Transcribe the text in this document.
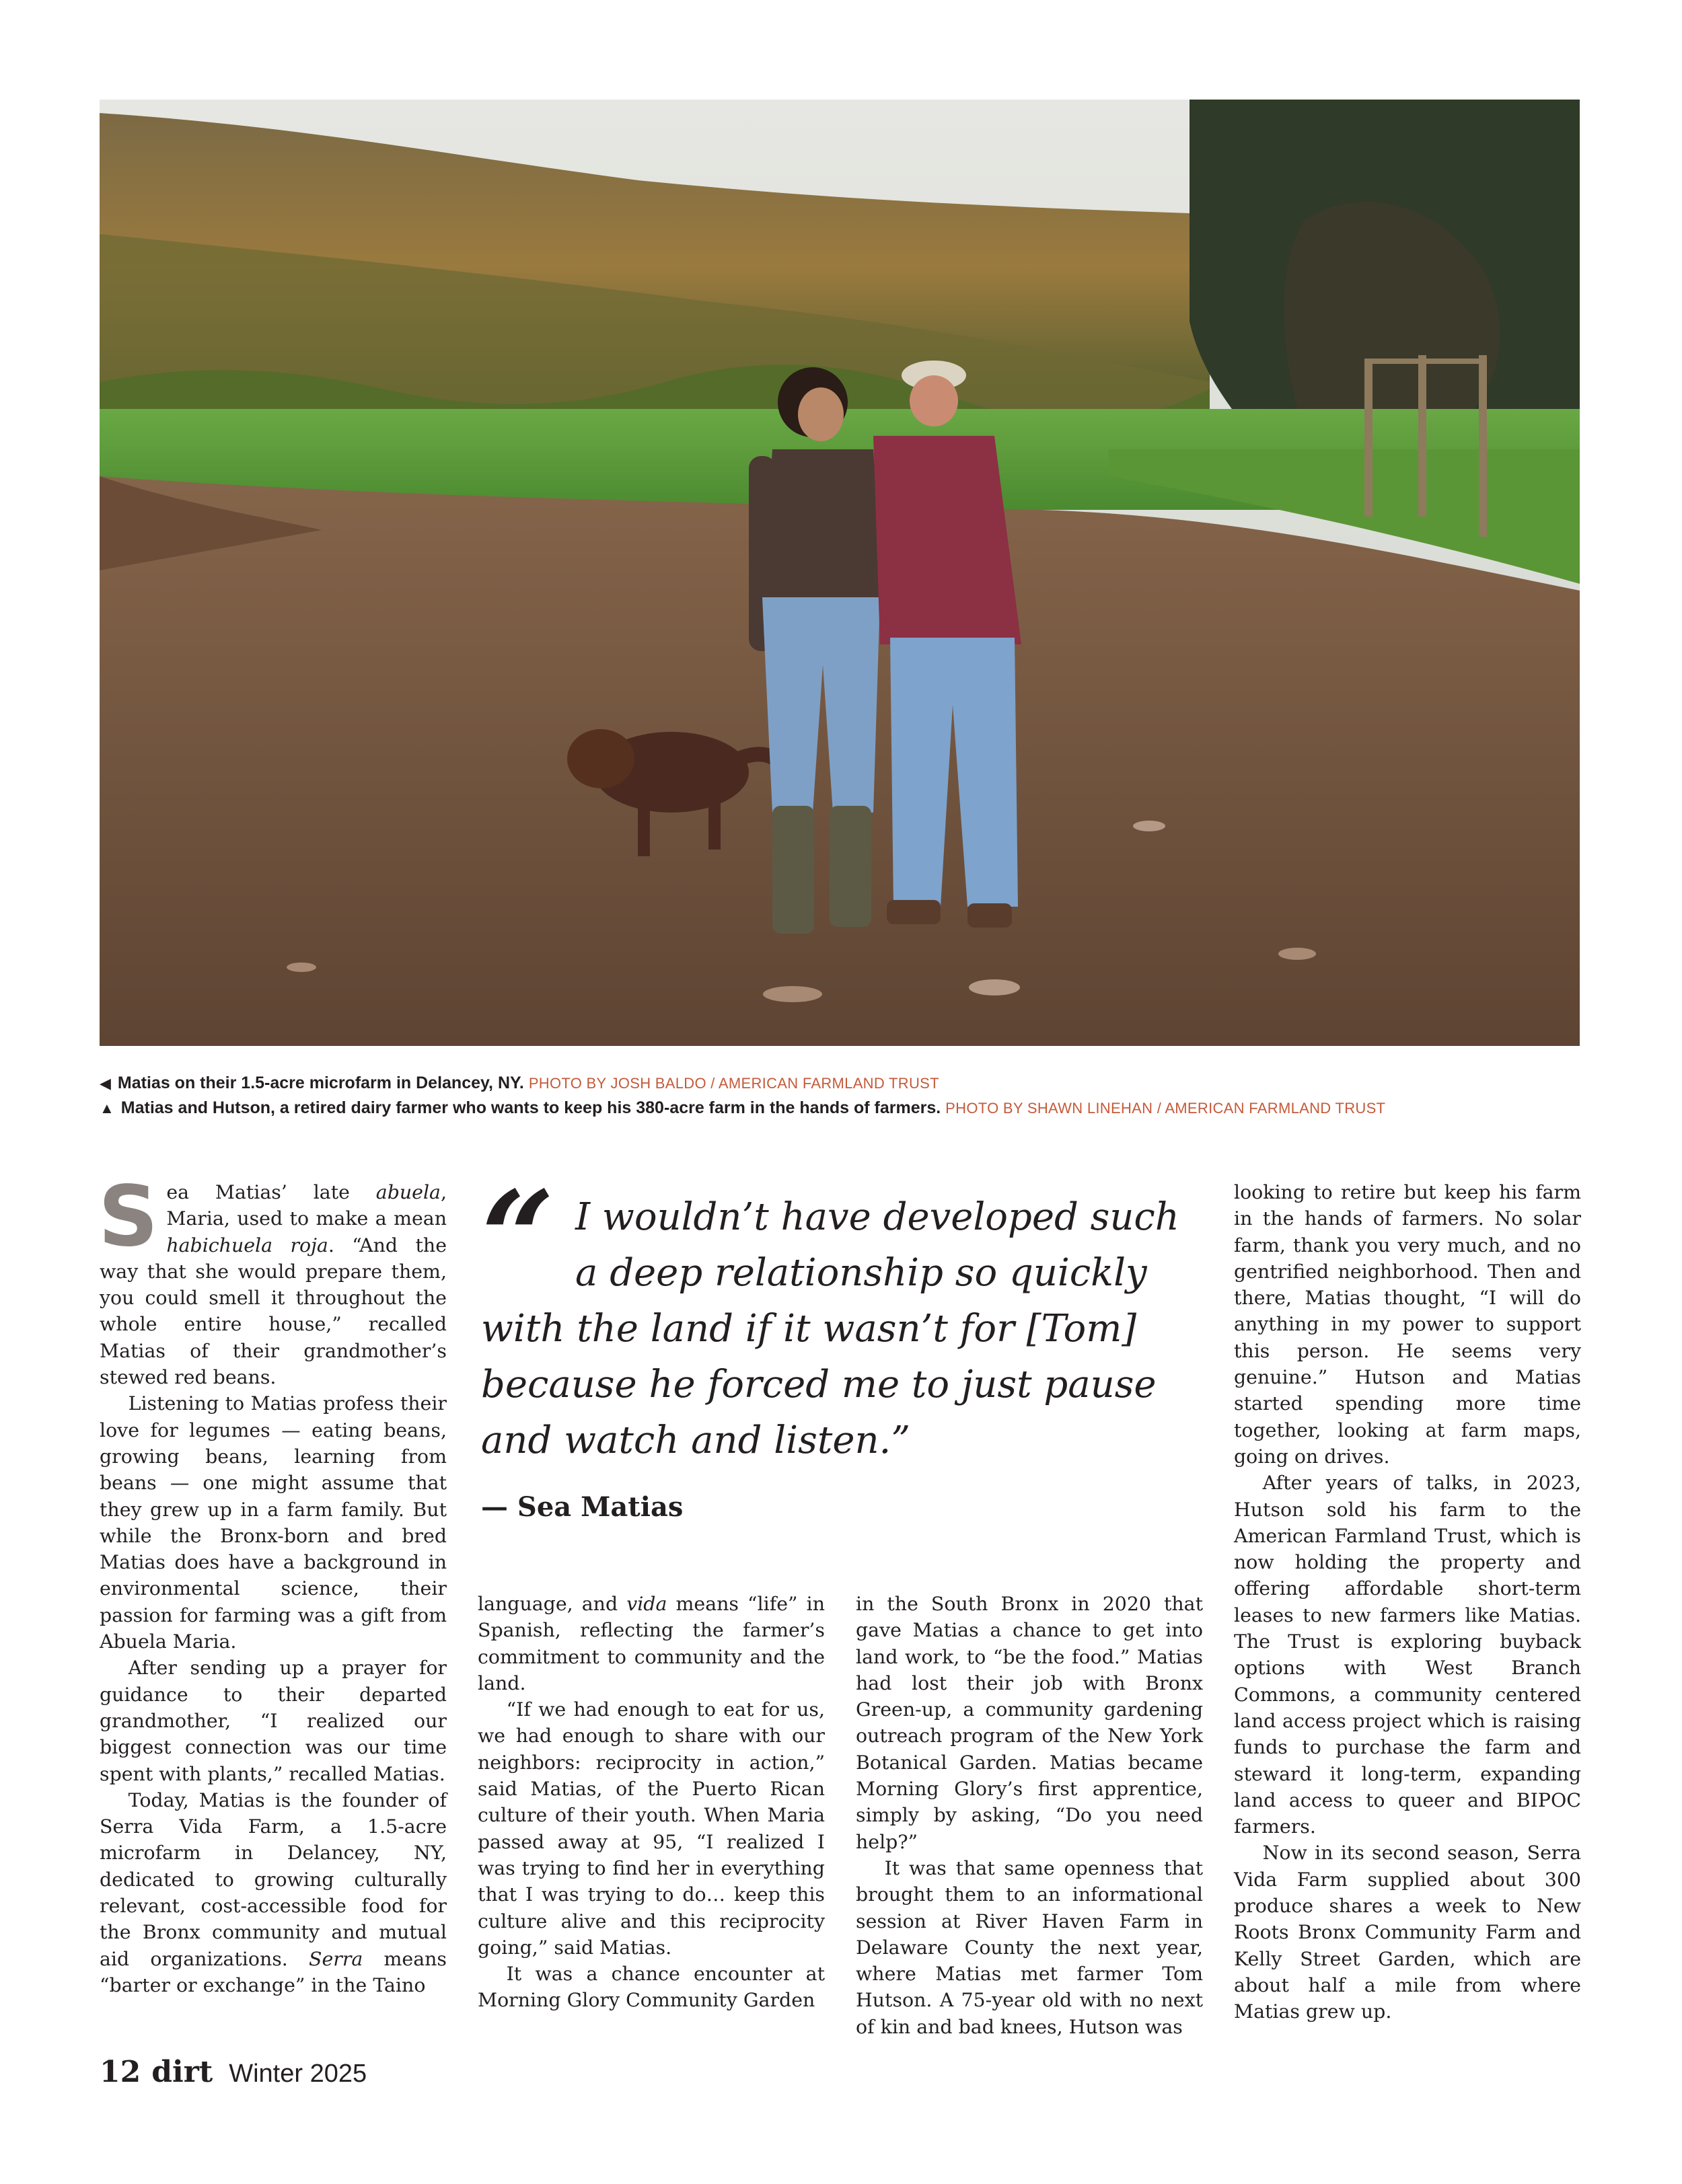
◀ Matias on their 1.5-acre microfarm in Delancey, NY. PHOTO BY JOSH BALDO / AMERICAN FARMLAND TRUST
▲ Matias and Hutson, a retired dairy farmer who wants to keep his 380-acre farm in the hands of farmers. PHOTO BY SHAWN LINEHAN / AMERICAN FARMLAND TRUST

Sea Matias’ late abuela, Maria, used to make a mean habichuela roja. “And the way that she would prepare them, you could smell it throughout the whole entire house,” recalled Matias of their grandmother’s stewed red beans.

Listening to Matias profess their love for legumes — eating beans, growing beans, learning from beans — one might assume that they grew up in a farm family. But while the Bronx-born and bred Matias does have a background in environmental science, their passion for farming was a gift from Abuela Maria.

After sending up a prayer for guidance to their departed grandmother, “I realized our biggest connection was our time spent with plants,” recalled Matias.

Today, Matias is the founder of Serra Vida Farm, a 1.5-acre microfarm in Delancey, NY, dedicated to growing culturally relevant, cost-accessible food for the Bronx community and mutual aid organizations. Serra means “barter or exchange” in the Taino

“ I wouldn’t have developed such
a deep relationship so quickly
with the land if it wasn’t for [Tom]
because he forced me to just pause
and watch and listen.”
— Sea Matias

language, and vida means “life” in Spanish, reflecting the farmer’s commitment to community and the land.

“If we had enough to eat for us, we had enough to share with our neighbors: reciprocity in action,” said Matias, of the Puerto Rican culture of their youth. When Maria passed away at 95, “I realized I was trying to find her in everything that I was trying to do… keep this culture alive and this reciprocity going,” said Matias.

It was a chance encounter at Morning Glory Community Garden

in the South Bronx in 2020 that gave Matias a chance to get into land work, to “be the food.” Matias had lost their job with Bronx Green-up, a community gardening outreach program of the New York Botanical Garden. Matias became Morning Glory’s first apprentice, simply by asking, “Do you need help?”

It was that same openness that brought them to an informational session at River Haven Farm in Delaware County the next year, where Matias met farmer Tom Hutson. A 75-year old with no next of kin and bad knees, Hutson was

looking to retire but keep his farm in the hands of farmers. No solar farm, thank you very much, and no gentrified neighborhood. Then and there, Matias thought, “I will do anything in my power to support this person. He seems very genuine.” Hutson and Matias started spending more time together, looking at farm maps, going on drives.

After years of talks, in 2023, Hutson sold his farm to the American Farmland Trust, which is now holding the property and offering affordable short-term leases to new farmers like Matias. The Trust is exploring buyback options with West Branch Commons, a community centered land access project which is raising funds to purchase the farm and steward it long-term, expanding land access to queer and BIPOC farmers.

Now in its second season, Serra Vida Farm supplied about 300 produce shares a week to New Roots Bronx Community Farm and Kelly Street Garden, which are about half a mile from where Matias grew up.

12 dirt Winter 2025
